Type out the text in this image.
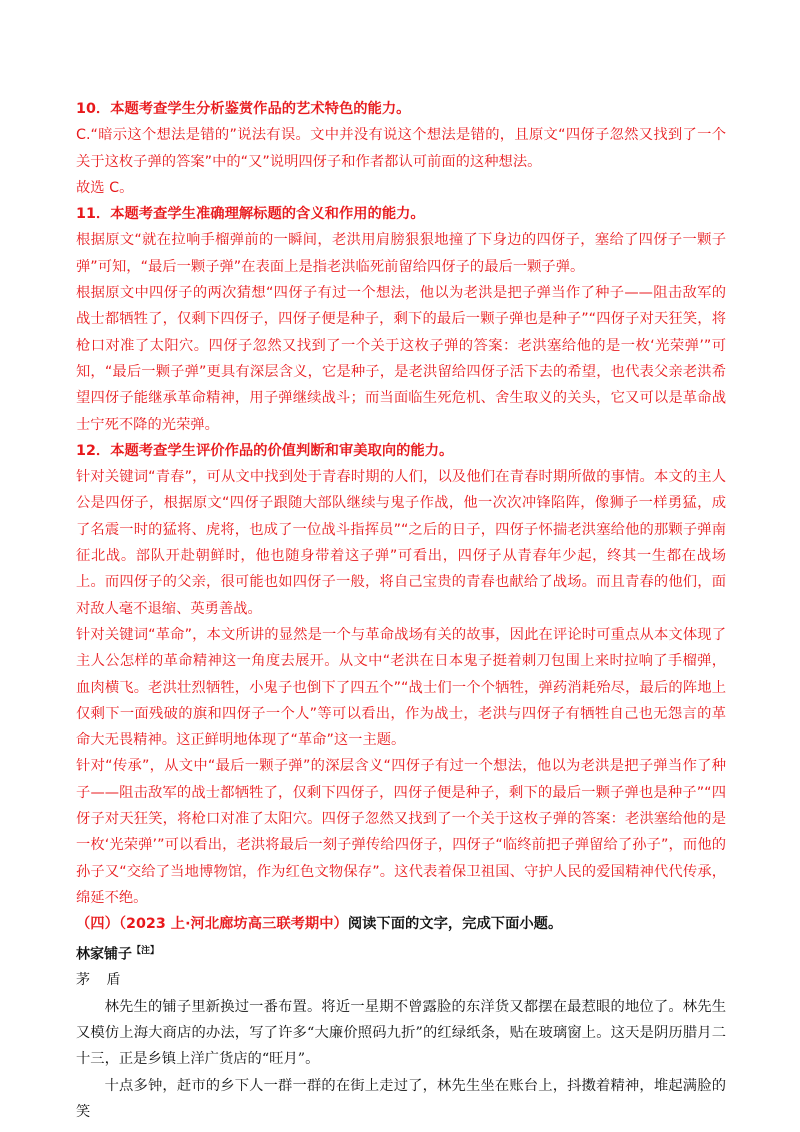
10．本题考查学生分析鉴赏作品的艺术特色的能力。

C.“暗示这个想法是错的”说法有误。文中并没有说这个想法是错的，且原文“四伢子忽然又找到了一个关于这枚子弹的答案”中的“又”说明四伢子和作者都认可前面的这种想法。

故选 C。

11．本题考查学生准确理解标题的含义和作用的能力。

根据原文“就在拉响手榴弹前的一瞬间，老洪用肩膀狠狠地撞了下身边的四伢子，塞给了四伢子一颗子弹”可知，“最后一颗子弹”在表面上是指老洪临死前留给四伢子的最后一颗子弹。

根据原文中四伢子的两次猜想“四伢子有过一个想法，他以为老洪是把子弹当作了种子——阻击敌军的战士都牺牲了，仅剩下四伢子，四伢子便是种子，剩下的最后一颗子弹也是种子”“四伢子对天狂笑，将枪口对准了太阳穴。四伢子忽然又找到了一个关于这枚子弹的答案：老洪塞给他的是一枚‘光荣弹’”可知，“最后一颗子弹”更具有深层含义，它是种子，是老洪留给四伢子活下去的希望，也代表父亲老洪希望四伢子能继承革命精神，用子弹继续战斗；而当面临生死危机、舍生取义的关头，它又可以是革命战士宁死不降的光荣弹。

12．本题考查学生评价作品的价值判断和审美取向的能力。

针对关键词“青春”，可从文中找到处于青春时期的人们，以及他们在青春时期所做的事情。本文的主人公是四伢子，根据原文“四伢子跟随大部队继续与鬼子作战，他一次次冲锋陷阵，像狮子一样勇猛，成了名震一时的猛将、虎将，也成了一位战斗指挥员”“之后的日子，四伢子怀揣老洪塞给他的那颗子弹南征北战。部队开赴朝鲜时，他也随身带着这子弹”可看出，四伢子从青春年少起，终其一生都在战场上。而四伢子的父亲，很可能也如四伢子一般，将自己宝贵的青春也献给了战场。而且青春的他们，面对敌人毫不退缩、英勇善战。

针对关键词“革命”，本文所讲的显然是一个与革命战场有关的故事，因此在评论时可重点从本文体现了主人公怎样的革命精神这一角度去展开。从文中“老洪在日本鬼子挺着刺刀包围上来时拉响了手榴弹，血肉横飞。老洪壮烈牺牲，小鬼子也倒下了四五个”“战士们一个个牺牲，弹药消耗殆尽，最后的阵地上仅剩下一面残破的旗和四伢子一个人”等可以看出，作为战士，老洪与四伢子有牺牲自己也无怨言的革命大无畏精神。这正鲜明地体现了“革命”这一主题。

针对“传承”，从文中“最后一颗子弹”的深层含义“四伢子有过一个想法，他以为老洪是把子弹当作了种子——阻击敌军的战士都牺牲了，仅剩下四伢子，四伢子便是种子，剩下的最后一颗子弹也是种子”“四伢子对天狂笑，将枪口对准了太阳穴。四伢子忽然又找到了一个关于这枚子弹的答案：老洪塞给他的是一枚‘光荣弹’”可以看出，老洪将最后一刻子弹传给四伢子，四伢子“临终前把子弹留给了孙子”，而他的孙子又“交给了当地博物馆，作为红色文物保存”。这代表着保卫祖国、守护人民的爱国精神代代传承，绵延不绝。

（四）（2023 上·河北廊坊高三联考期中）阅读下面的文字，完成下面小题。

林家铺子$^{【注】}$

茅 盾

林先生的铺子里新换过一番布置。将近一星期不曾露脸的东洋货又都摆在最惹眼的地位了。林先生又模仿上海大商店的办法，写了许多“大廉价照码九折”的红绿纸条，贴在玻璃窗上。这天是阴历腊月二十三，正是乡镇上洋广货店的“旺月”。

十点多钟，赶市的乡下人一群一群的在街上走过了，林先生坐在账台上，抖擞着精神，堆起满脸的笑
